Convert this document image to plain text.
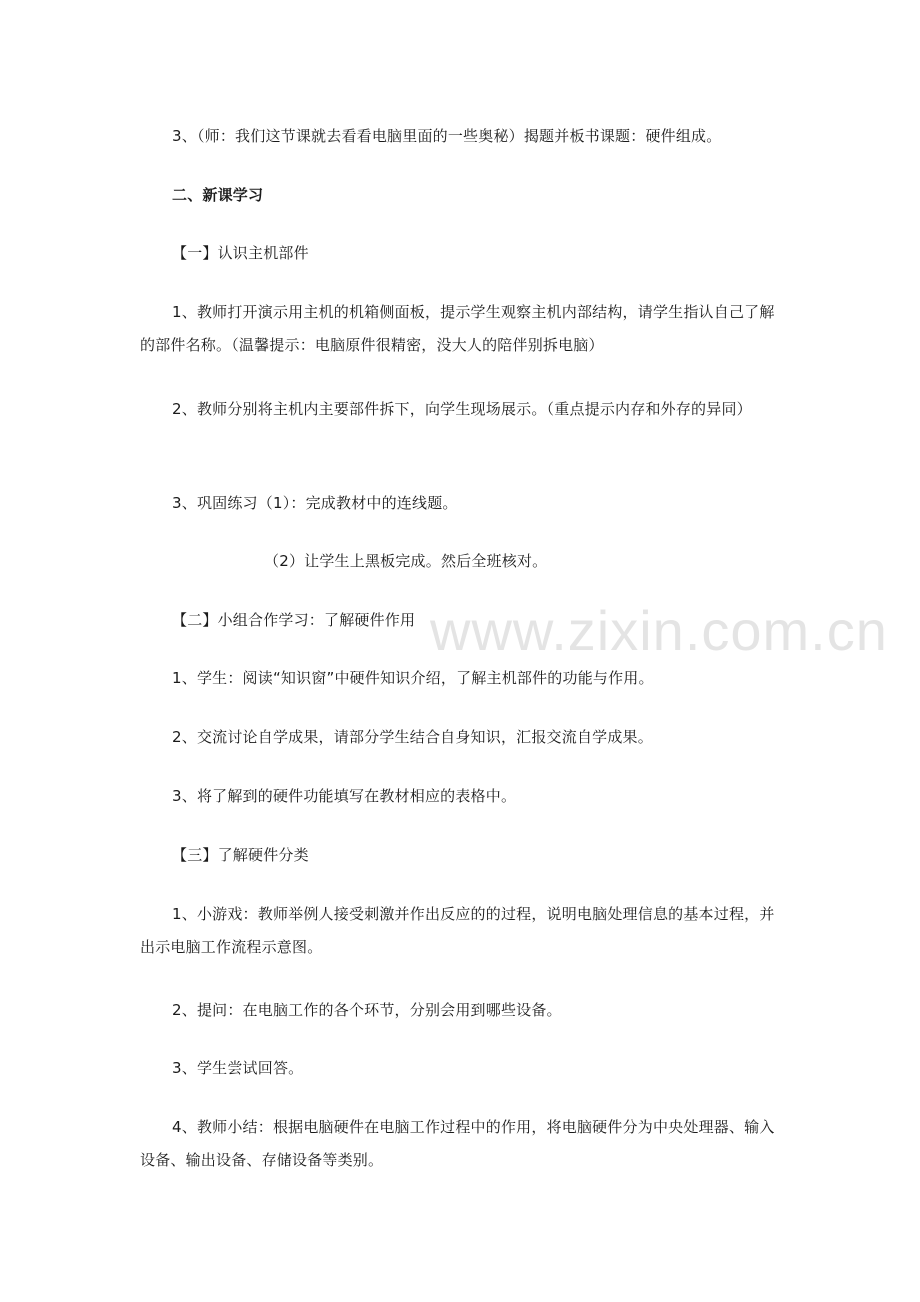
3、（师：我们这节课就去看看电脑里面的一些奥秘）揭题并板书课题：硬件组成。
二、新课学习
【一】认识主机部件
1、教师打开演示用主机的机箱侧面板，提示学生观察主机内部结构，请学生指认自己了解的部件名称。（温馨提示：电脑原件很精密，没大人的陪伴别拆电脑）
2、教师分别将主机内主要部件拆下，向学生现场展示。（重点提示内存和外存的异同）
3、巩固练习（1）：完成教材中的连线题。
（2）让学生上黑板完成。然后全班核对。
【二】小组合作学习：了解硬件作用
1、学生：阅读“知识窗”中硬件知识介绍，了解主机部件的功能与作用。
2、交流讨论自学成果，请部分学生结合自身知识，汇报交流自学成果。
3、将了解到的硬件功能填写在教材相应的表格中。
【三】了解硬件分类
1、小游戏：教师举例人接受刺激并作出反应的的过程，说明电脑处理信息的基本过程，并出示电脑工作流程示意图。
2、提问：在电脑工作的各个环节，分别会用到哪些设备。
3、学生尝试回答。
4、教师小结：根据电脑硬件在电脑工作过程中的作用，将电脑硬件分为中央处理器、输入设备、输出设备、存储设备等类别。
www.zixin.com.cn
